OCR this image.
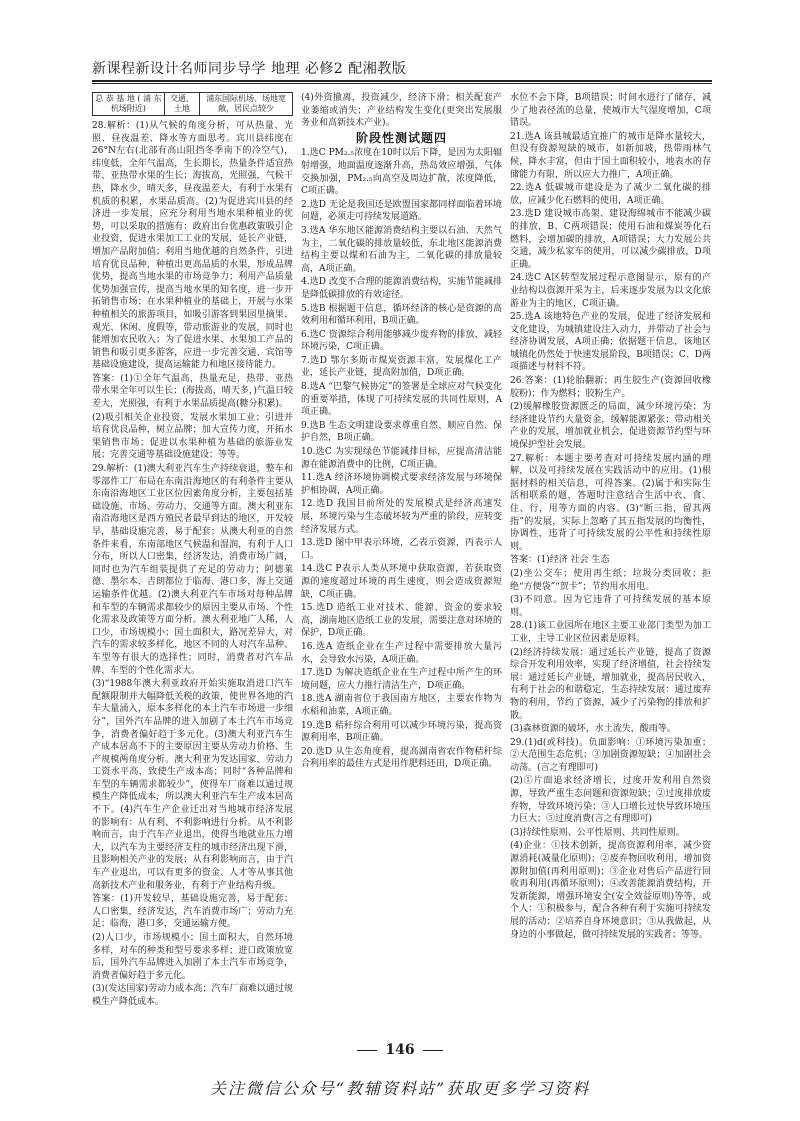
新课程新设计名师同步导学 地理 必修2 配湘教版
总 恭 基 地 ( 浦 东 机场附近)	交通、土地	浦东国际机场、场地宽敞，居民点较少

28.解析：(1)从气候的角度分析，可从热量、光照、昼夜温差、降水等方面思考。宾川县纬度在26°N左右(北部有高山阻挡冬季南下的冷空气)，纬度低，全年气温高，生长期长，热量条件适宜热带、亚热带水果的生长；海拔高，光照强，气候干热，降水少，晴天多，昼夜温差大，有利于水果有机质的积累，水果品质高。(2)为促进宾川县的经济进一步发展，应充分利用当地水果种植业的优势，可以采取的措施有：政府出台优惠政策吸引企业投资，促进水果加工工业的发展，延长产业链，增加产品附加值；利用当地优越的自然条件，引进培育优良品种，种植出更高品质的水果，形成品牌优势，提高当地水果的市场竞争力；利用产品质量优势加强宣传，提高当地水果的知名度，进一步开拓销售市场；在水果种植业的基础上，开展与水果种植相关的旅游项目，如吸引游客到果园里摘果、观光、休闲、度假等，带动旅游业的发展，同时也能增加农民收入；为了促进水果、水果加工产品的销售和吸引更多游客，应进一步完善交通、宾馆等基础设施建设，提高运输能力和地区接待能力。

答案：(1)①全年气温高，热量充足，热带、亚热带水果全年可以生长；(海拔高，晴天多，)气温日较差大，光照强，有利于水果品质提高(糖分积累)。

(2)吸引相关企业投资，发展水果加工业；引进并培育优良品种，树立品牌；加大宣传力度，开拓水果销售市场；促进以水果种植为基础的旅游业发展；完善交通等基础设施建设；等等。

29.解析：(1)澳大利亚汽车生产持续衰退，整车和零部件工厂布局在东南沿海地区的有利条件主要从东南沿海地区工业区位因素角度分析，主要包括基础设施、市场、劳动力、交通等方面。澳大利亚东南沿海地区是西方殖民者最早到达的地区，开发较早，基础设施完善，易于配套；从澳大利亚的自然条件来看，东南部地区气候温和湿润，有利于人口分布，所以人口密集，经济发达，消费市场广阔，同时也为汽车组装提供了充足的劳动力；阿德莱德、墨尔本、吉朗都位于临海、港口多，海上交通运输条件优越。(2)澳大利亚汽车市场对每种品牌和车型的车辆需求都较少的原因主要从市场、个性化需求及政策等方面分析。澳大利亚地广人稀，人口少，市场规模小；国土面积大，路况差异大，对汽车的需求较多样化，地区不同的人对汽车品种、车型等有很大的选择性；同时，消费者对汽车品牌、车型的个性化需求大。

(3)“1988年澳大利亚政府开始实施取消进口汽车配额限制并大幅降低关税的政策，使世界各地的汽车大量涌入，原本多样化的本土汽车市场进一步细分”，国外汽车品牌的进入加剧了本土汽车市场竞争，消费者偏好趋于多元化。(3)澳大利亚汽车生产成本居高不下的主要原因主要从劳动力价格、生产规模两角度分析。澳大利亚为发达国家，劳动力工资水平高，致使生产成本高；同时“各种品牌和车型的车辆需求都较少”，使得车厂商难以通过规模生产降低成本，所以澳大利亚汽车生产成本居高不下。(4)汽车生产企业迁出对当地城市经济发展的影响有：从有利、不利影响进行分析。从不利影响而言，由于汽车产业退出，使得当地就业压力增大，以汽车为主要经济支柱的城市经济出现下滑，且影响相关产业的发展；从有利影响而言，由于汽车产业退出，可以有更多的资金、人才等从事其他高新技术产业和服务业，有利于产业结构升级。

答案：(1)开发较早，基础设施完善，易于配套；人口密集，经济发达，汽车消费市场广；劳动力充足；临海，港口多，交通运输方便。

(2)人口少，市场规模小；国土面积大，自然环境多样，对车的种类和型号要求多样；进口政策放宽后，国外汽车品牌进入加剧了本土汽车市场竞争，消费者偏好趋于多元化。

(3)(发达国家)劳动力成本高；汽车厂商难以通过规模生产降低成本。

(4)外资撤离，投资减少，经济下滑；相关配套产业萎缩或消失；产业结构发生变化(更突出发展服务业和高新技术产业)。

阶段性测试题四

1.选C PM₂.₅浓度在10时以后下降，是因为太阳辐射增强，地面温度逐渐升高，热岛效应增强，气体交换加强，PM₂.₅向高空及周边扩散，浓度降低，C项正确。

2.选D 无论是我国还是欧盟国家都同样面临着环境问题，必须走可持续发展道路。

3.选A 华东地区能源消费结构主要以石油、天然气为主，二氧化碳的排放量较低，东北地区能源消费结构主要以煤和石油为主，二氧化碳的排放量较高，A项正确。

4.选D 改变不合理的能源消费结构，实施节能减排是降低碳排放的有效途径。

5.选B 根据题干信息，循环经济的核心是资源的高效利用和循环利用，B项正确。

6.选C 资源综合利用能够减少废弃物的排放，减轻环境污染，C项正确。

7.选D 鄂尔多斯市煤炭资源丰富，发展煤化工产业，延长产业链，提高附加值，D项正确。

8.选A “巴黎气候协定”的签署是全球应对气候变化的重要举措，体现了可持续发展的共同性原则，A项正确。

9.选B 生态文明建设要求尊重自然、顺应自然、保护自然，B项正确。

10.选C 为实现绿色节能减排目标，应提高清洁能源在能源消费中的比例，C项正确。

11.选A 经济环境协调模式要求经济发展与环境保护相协调，A项正确。

12.选D 我国目前所处的发展模式是经济高速发展，环境污染与生态破坏较为严重的阶段，应转变经济发展方式。

13.选D 图中甲表示环境，乙表示资源，丙表示人口。

14.选C P表示人类从环境中获取资源，若获取资源的速度超过环境的再生速度，则会造成资源短缺，C项正确。

15.选D 造纸工业对技术、能源、资金的要求较高，湖南地区造纸工业的发展，需要注意对环境的保护，D项正确。

16.选A 造纸企业在生产过程中需要排放大量污水，会导致水污染，A项正确。

17.选D 为解决造纸企业在生产过程中所产生的环境问题，应大力推行清洁生产，D项正确。

18.选A 湖南省位于我国南方地区，主要农作物为水稻和油菜，A项正确。

19.选B 秸秆综合利用可以减少环境污染，提高资源利用率，B项正确。

20.选D 从生态角度看，提高湖南省农作物秸秆综合利用率的最佳方式是用作肥料还田，D项正确。

水位不会下降，B项错误；时间水进行了储存，减少了地表径流的总量，使城市大气湿度增加，C项错误。

21.选A 该县城最适宜推广的城市是降水量较大，但没有资源短缺的城市，如新加坡，热带雨林气候，降水丰富，但由于国土面积较小，地表水的存储能力有限，所以应大力推广，A项正确。

22.选A 低碳城市建设是为了减少二氧化碳的排放，应减少化石燃料的使用，A项正确。

23.选D 建设城市高架、建设海绵城市不能减少碳的排放，B、C两项错误；使用石油和煤炭等化石燃料，会增加碳的排放，A项错误；大力发展公共交通，减少私家车的使用，可以减少碳排放，D项正确。

24.选C A区转型发展过程示意图显示，原有的产业结构以资源开采为主，后来逐步发展为以文化旅游业为主的地区，C项正确。

25.选A 该地特色产业的发展，促进了经济发展和文化建设，为城镇建设注入动力，并带动了社会与经济协调发展，A项正确；依据题干信息，该地区城镇化仍然处于快速发展阶段，B项错误；C、D两项描述与材料不符。

26.答案：(1)轮胎翻新；再生胶生产(资源回收橡胶粉)；作为燃料；胶粉生产。

(2)缓解橡胶资源匮乏的局面，减少环境污染；为经济建设节约大量资金，缓解能源紧张；带动相关产业的发展，增加就业机会，促进资源节约型与环境保护型社会发展。

27.解析：本题主要考查对可持续发展内涵的理解，以及可持续发展在实践活动中的应用。(1)根据材料的相关信息，可得答案。(2)属于和实际生活相联系的题，答题时注意结合生活中衣、食、住、行，用等方面的内容。(3)“断三指，留其两指”的发展，实际上忽略了其五指发展的均衡性，协调性，违背了可持续发展的公平性和持续性原则。

答案：(1)经济 社会 生态

(2)坐公交车；使用再生纸；垃圾分类回收；拒绝“方便袋”“贺卡”；节约用水用电。

(3)不同意。因为它违背了可持续发展的基本原则。

28.(1)该工业园所在地区主要工业部门类型为加工工业，主导工业区位因素是原料。

(2)经济持续发展：通过延长产业链，提高了资源综合开发利用效率，实现了经济增值，社会持续发展：通过延长产业链，增加就业，提高居民收入，有利于社会的和谐稳定，生态持续发展：通过废弃物的利用，节约了资源，减少了污染物的排放和扩散。

(3)森林资源的破坏，水土流失，酸雨等。

29.(1)d(或科技)。负面影响：①环境污染加重；②大范围生态危机；③加剧资源短缺；④加剧社会动荡。(言之有理即可)

(2)①片面追求经济增长，过度开发利用自然资源，导致严重生态问题和资源短缺；②过度排放废弃物，导致环境污染；③人口增长过快导致环境压力巨大；⑤过度消费(言之有理即可)

(3)持续性原则、公平性原则、共同性原则。

(4)企业：①技术创新，提高资源利用率，减少资源消耗(减量化原则)；②废弃物回收利用，增加资源附加值(再利用原则)；③企业对售后产品进行回收再利用(再循环原则)；④改善能源消费结构，开发新能源，增强环境安全(安全效益原则)等等，或个人：①积极参与，配合各种有利于实施可持续发展的活动；②培养自身环境意识；③从我做起，从身边的小事做起，做可持续发展的实践者；等等。

146
关注微信公众号“教辅资料站”获取更多学习资料
